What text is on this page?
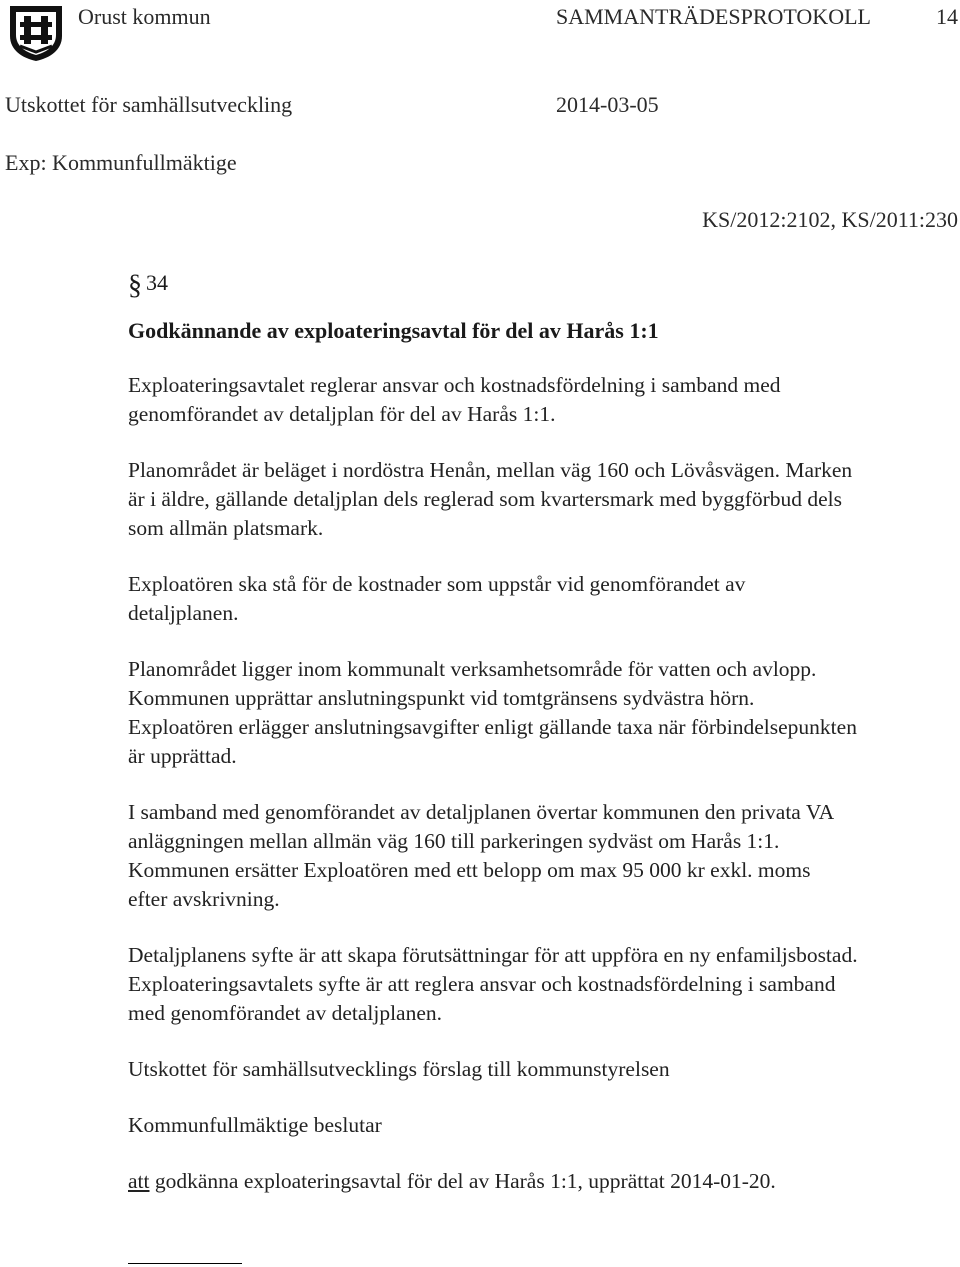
Orust kommun	SAMMANTRÄDESPROTOKOLL	14
Utskottet för samhällsutveckling	2014-03-05
Exp: Kommunfullmäktige
KS/2012:2102, KS/2011:230
§ 34
Godkännande av exploateringsavtal för del av Harås 1:1

Exploateringsavtalet reglerar ansvar och kostnadsfördelning i samband med
genomförandet av detaljplan för del av Harås 1:1.

Planområdet är beläget i nordöstra Henån, mellan väg 160 och Lövåsvägen. Marken
är i äldre, gällande detaljplan dels reglerad som kvartersmark med byggförbud dels
som allmän platsmark.

Exploatören ska stå för de kostnader som uppstår vid genomförandet av
detaljplanen.

Planområdet ligger inom kommunalt verksamhetsområde för vatten och avlopp.
Kommunen upprättar anslutningspunkt vid tomtgränsens sydvästra hörn.
Exploatören erlägger anslutningsavgifter enligt gällande taxa när förbindelsepunkten
är upprättad.

I samband med genomförandet av detaljplanen övertar kommunen den privata VA
anläggningen mellan allmän väg 160 till parkeringen sydväst om Harås 1:1.
Kommunen ersätter Exploatören med ett belopp om max 95 000 kr exkl. moms
efter avskrivning.

Detaljplanens syfte är att skapa förutsättningar för att uppföra en ny enfamiljsbostad.
Exploateringsavtalets syfte är att reglera ansvar och kostnadsfördelning i samband
med genomförandet av detaljplanen.

Utskottet för samhällsutvecklings förslag till kommunstyrelsen

Kommunfullmäktige beslutar

att godkänna exploateringsavtal för del av Harås 1:1, upprättat 2014-01-20.
